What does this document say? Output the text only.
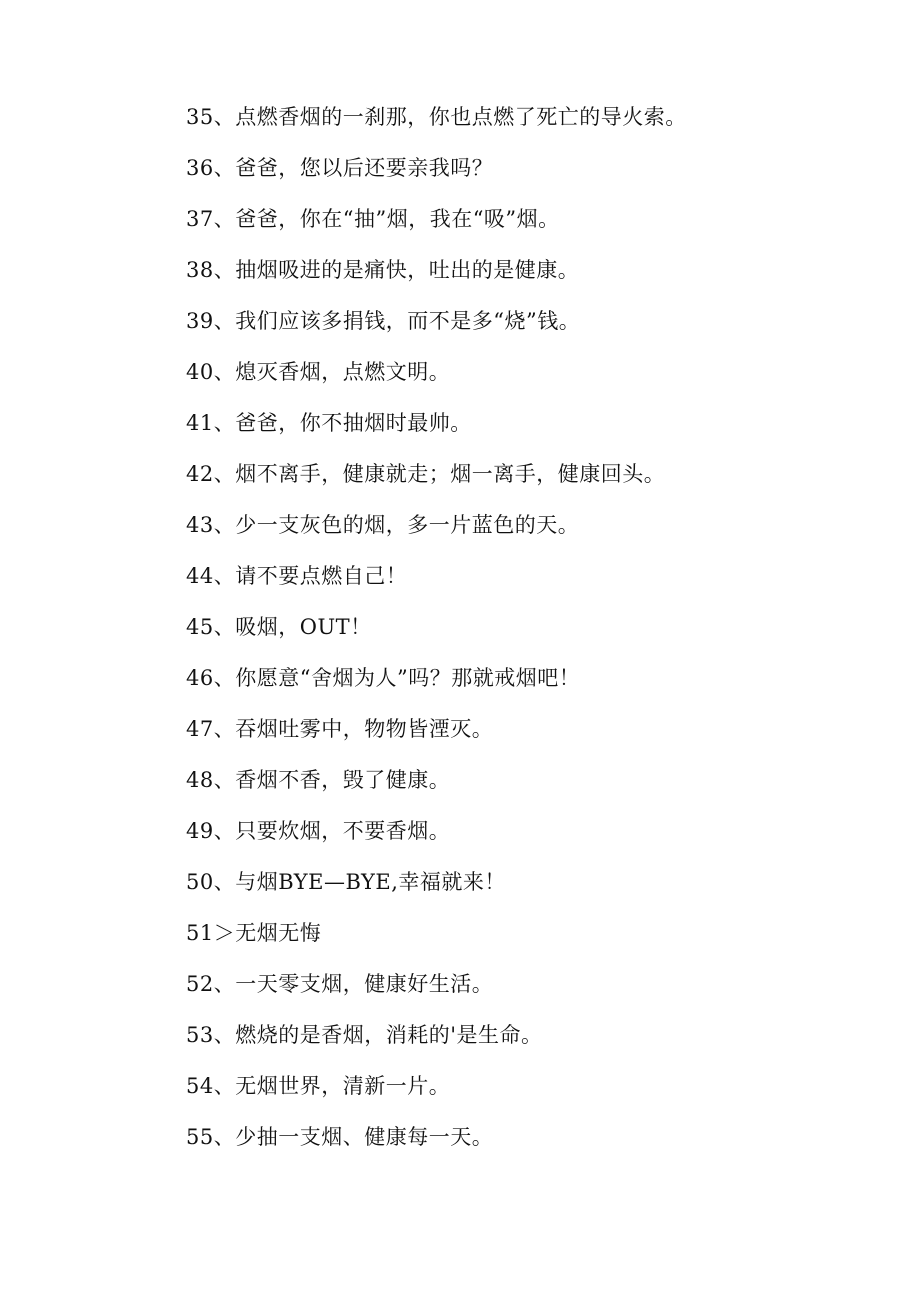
35、点燃香烟的一刹那，你也点燃了死亡的导火索。
36、爸爸，您以后还要亲我吗？
37、爸爸，你在“抽”烟，我在“吸”烟。
38、抽烟吸进的是痛快，吐出的是健康。
39、我们应该多捐钱，而不是多“烧”钱。
40、熄灭香烟，点燃文明。
41、爸爸，你不抽烟时最帅。
42、烟不离手，健康就走；烟一离手，健康回头。
43、少一支灰色的烟，多一片蓝色的天。
44、请不要点燃自己！
45、吸烟，OUT！
46、你愿意“舍烟为人”吗？那就戒烟吧！
47、吞烟吐雾中，物物皆湮灭。
48、香烟不香，毁了健康。
49、只要炊烟，不要香烟。
50、与烟BYE—BYE,幸福就来！
51＞无烟无悔
52、一天零支烟，健康好生活。
53、燃烧的是香烟，消耗的'是生命。
54、无烟世界，清新一片。
55、少抽一支烟、健康每一天。
